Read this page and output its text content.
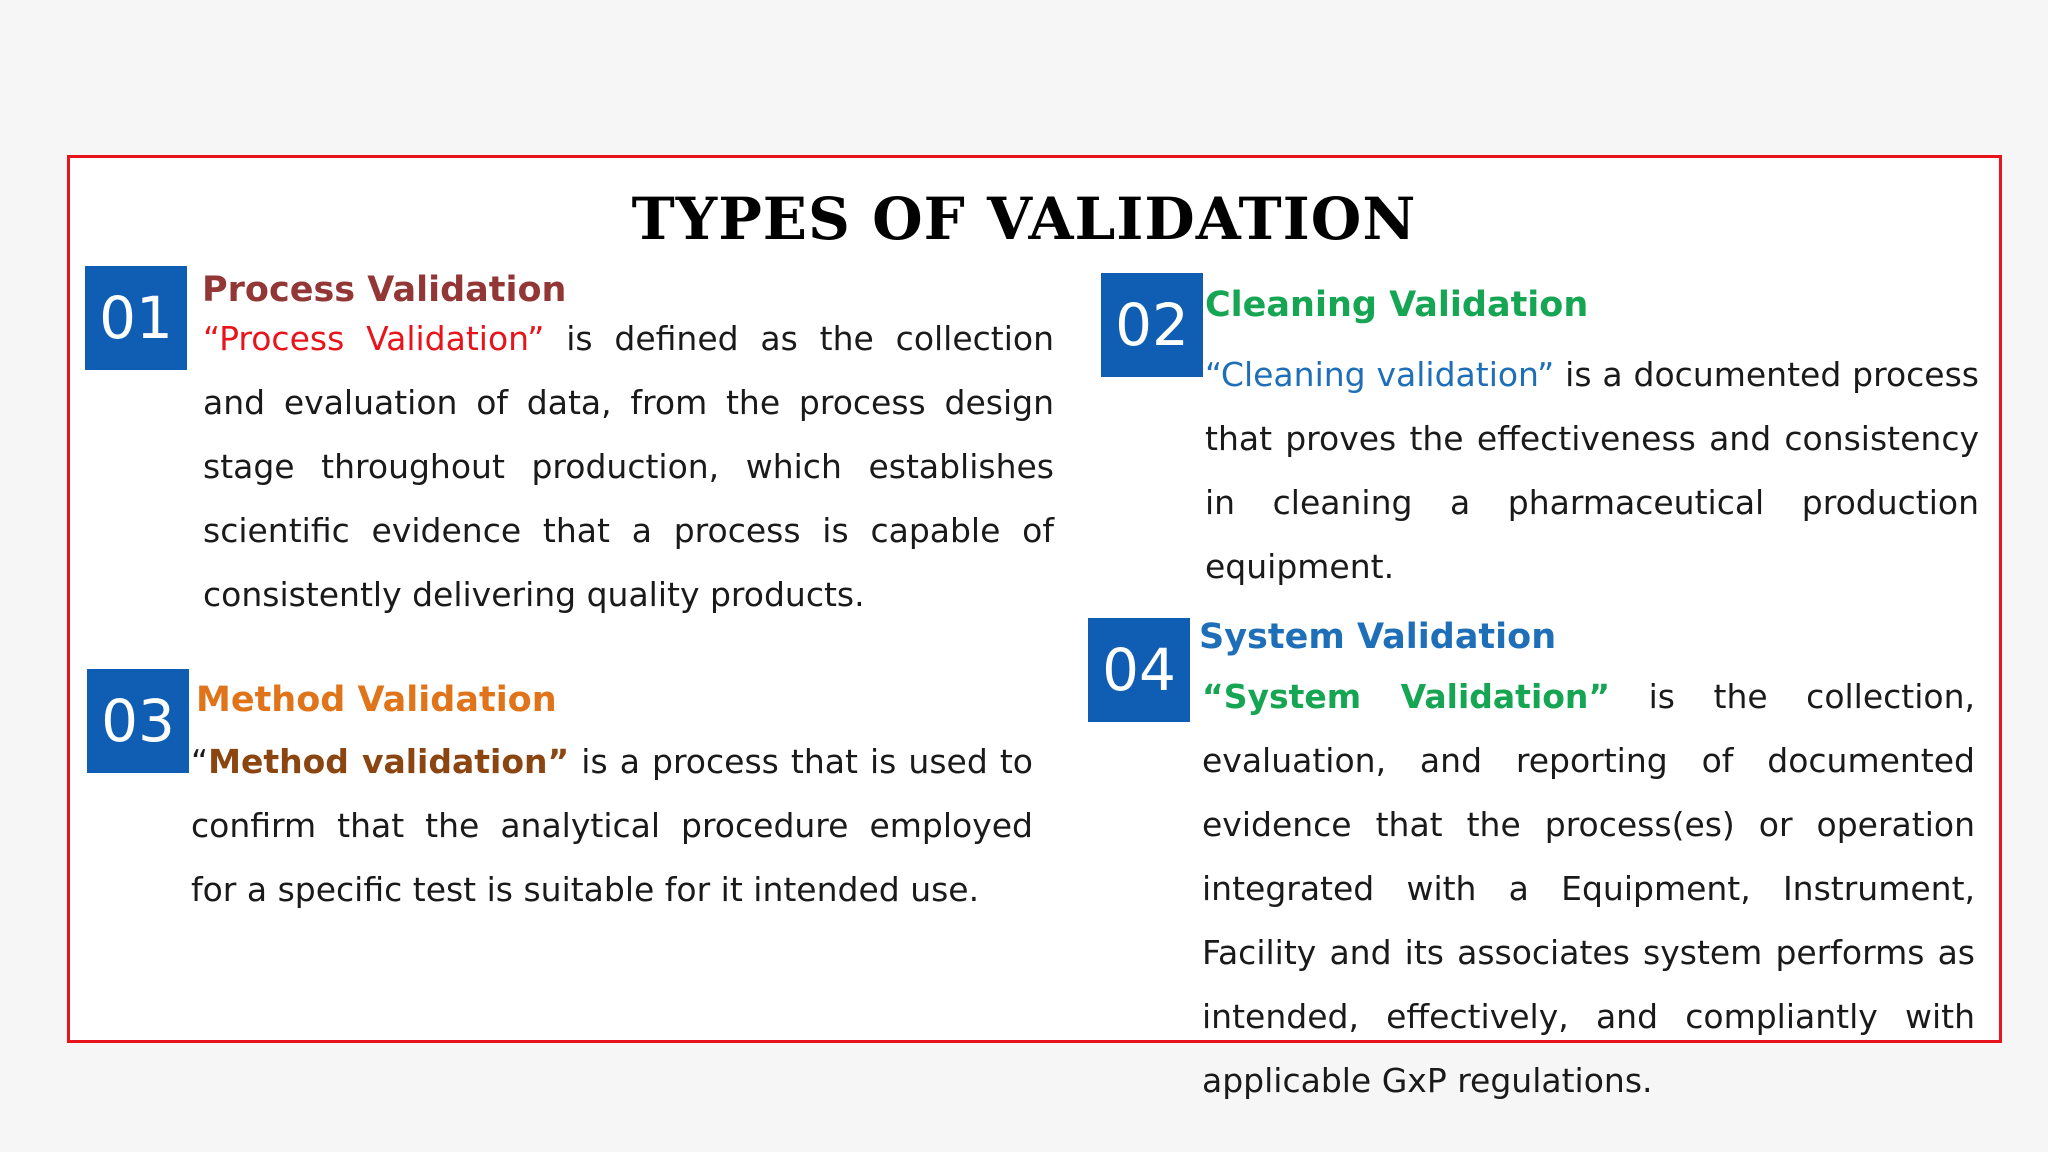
TYPES OF VALIDATION
01 Process Validation

“Process Validation” is defined as the collection and evaluation of data, from the process design stage throughout production, which establishes scientific evidence that a process is capable of consistently delivering quality products.

02 Cleaning Validation

“Cleaning validation” is a documented process that proves the effectiveness and consistency in cleaning a pharmaceutical production equipment.

03 Method Validation

“Method validation” is a process that is used to confirm that the analytical procedure employed for a specific test is suitable for it intended use.

04 System Validation

“System Validation” is the collection, evaluation, and reporting of documented evidence that the process(es) or operation integrated with a Equipment, Instrument, Facility and its associates system performs as intended, effectively, and compliantly with applicable GxP regulations.
